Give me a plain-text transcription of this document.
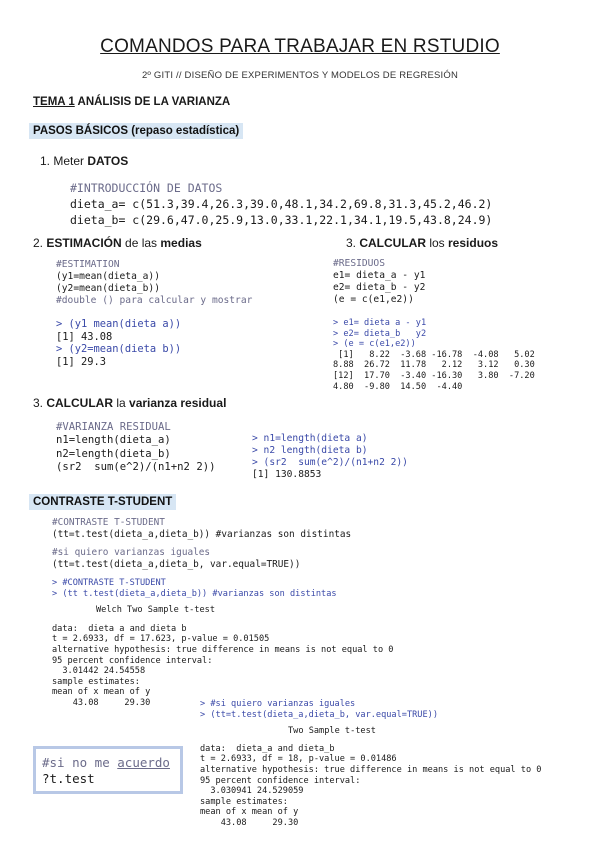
COMANDOS PARA TRABAJAR EN RSTUDIO
2º GITI // DISEÑO DE EXPERIMENTOS Y MODELOS DE REGRESIÓN
TEMA 1 ANÁLISIS DE LA VARIANZA
PASOS BÁSICOS (repaso estadística)
1. Meter DATOS
#INTRODUCCIÓN DE DATOS
dieta_a= c(51.3,39.4,26.3,39.0,48.1,34.2,69.8,31.3,45.2,46.2)
dieta_b= c(29.6,47.0,25.9,13.0,33.1,22.1,34.1,19.5,43.8,24.9)
2. ESTIMACIÓN de las medias
#ESTIMATION
(y1=mean(dieta_a))
(y2=mean(dieta_b))
#double () para calcular y mostrar
> (y1 mean(dieta a))
[1] 43.08
> (y2=mean(dieta b))
[1] 29.3
3. CALCULAR los residuos
#RESIDUOS
e1= dieta_a - y1
e2= dieta_b - y2
(e = c(e1,e2))
> e1= dieta a - y1
> e2= dieta_b   y2
> (e = c(e1,e2))
[1]   8.22  -3.68 -16.78  -4.08   5.02
8.88  26.72  11.78   2.12   3.12   0.30
[12]  17.70  -3.40 -16.30   3.80  -7.20
4.80  -9.80  14.50  -4.40
3. CALCULAR la varianza residual
#VARIANZA RESIDUAL
n1=length(dieta_a)
n2=length(dieta_b)
(sr2  sum(e^2)/(n1+n2 2))
> n1=length(dieta a)
> n2 length(dieta b)
> (sr2  sum(e^2)/(n1+n2 2))
[1] 130.8853
CONTRASTE T-STUDENT
#CONTRASTE T-STUDENT
(tt=t.test(dieta_a,dieta_b)) #varianzas son distintas
#si quiero varianzas iguales
(tt=t.test(dieta_a,dieta_b, var.equal=TRUE))
> #CONTRASTE T-STUDENT
> (tt t.test(dieta_a,dieta_b)) #varianzas son distintas
Welch Two Sample t-test
data:  dieta a and dieta b
t = 2.6933, df = 17.623, p-value = 0.01505
alternative hypothesis: true difference in means is not equal to 0
95 percent confidence interval:
3.01442 24.54558
sample estimates:
mean of x mean of y
43.08     29.30	> #si quiero varianzas iguales
> (tt=t.test(dieta_a,dieta_b, var.equal=TRUE))
Two Sample t-test
data:  dieta_a and dieta_b
t = 2.6933, df = 18, p-value = 0.01486
alternative hypothesis: true difference in means is not equal to 0
95 percent confidence interval:
3.030941 24.529059
sample estimates:
mean of x mean of y
43.08     29.30
#si no me acuerdo
?t.test
